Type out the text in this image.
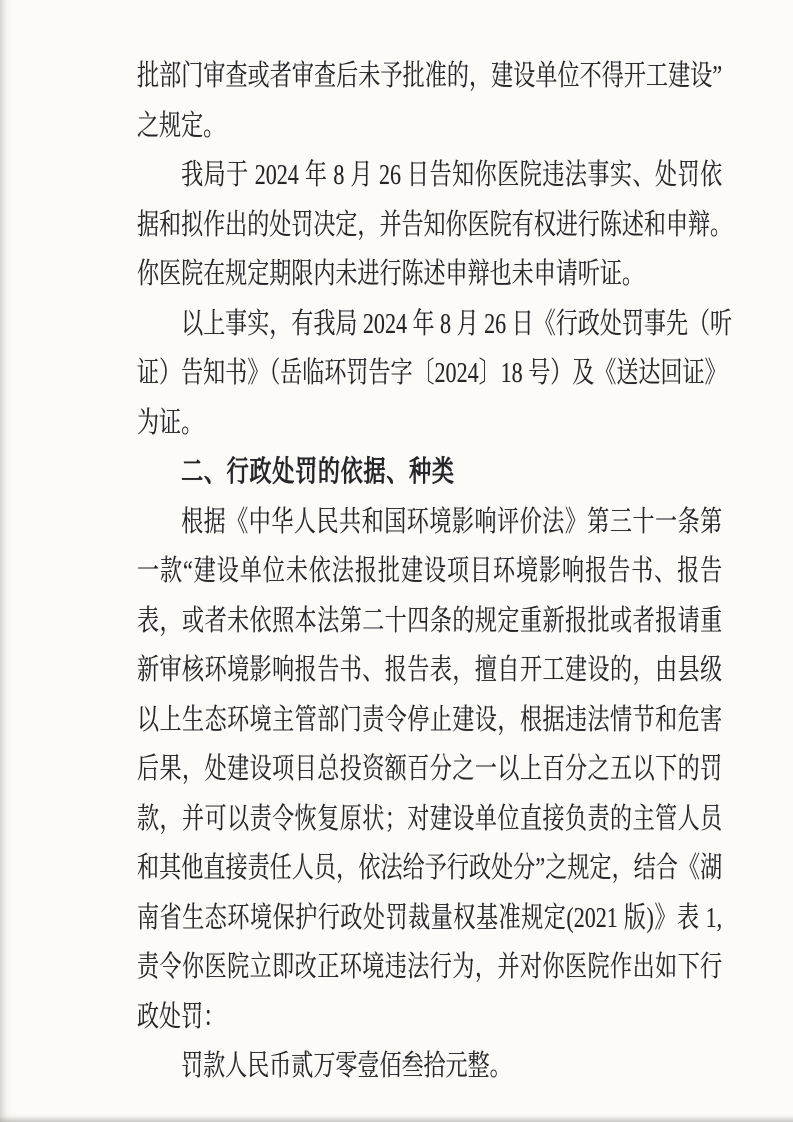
批部门审查或者审查后未予批准的，建设单位不得开工建设”
之规定。
我局于 2024 年 8 月 26 日告知你医院违法事实、处罚依
据和拟作出的处罚决定，并告知你医院有权进行陈述和申辩。
你医院在规定期限内未进行陈述申辩也未申请听证。
以上事实，有我局 2024 年 8 月 26 日《行政处罚事先（听
证）告知书》（岳临环罚告字〔2024〕18 号）及《送达回证》
为证。
二、行政处罚的依据、种类
根据《中华人民共和国环境影响评价法》第三十一条第
一款“建设单位未依法报批建设项目环境影响报告书、报告
表，或者未依照本法第二十四条的规定重新报批或者报请重
新审核环境影响报告书、报告表，擅自开工建设的，由县级
以上生态环境主管部门责令停止建设，根据违法情节和危害
后果，处建设项目总投资额百分之一以上百分之五以下的罚
款，并可以责令恢复原状；对建设单位直接负责的主管人员
和其他直接责任人员，依法给予行政处分”之规定，结合《湖
南省生态环境保护行政处罚裁量权基准规定(2021 版)》表 1,
责令你医院立即改正环境违法行为，并对你医院作出如下行
政处罚：
罚款人民币贰万零壹佰叁拾元整。
